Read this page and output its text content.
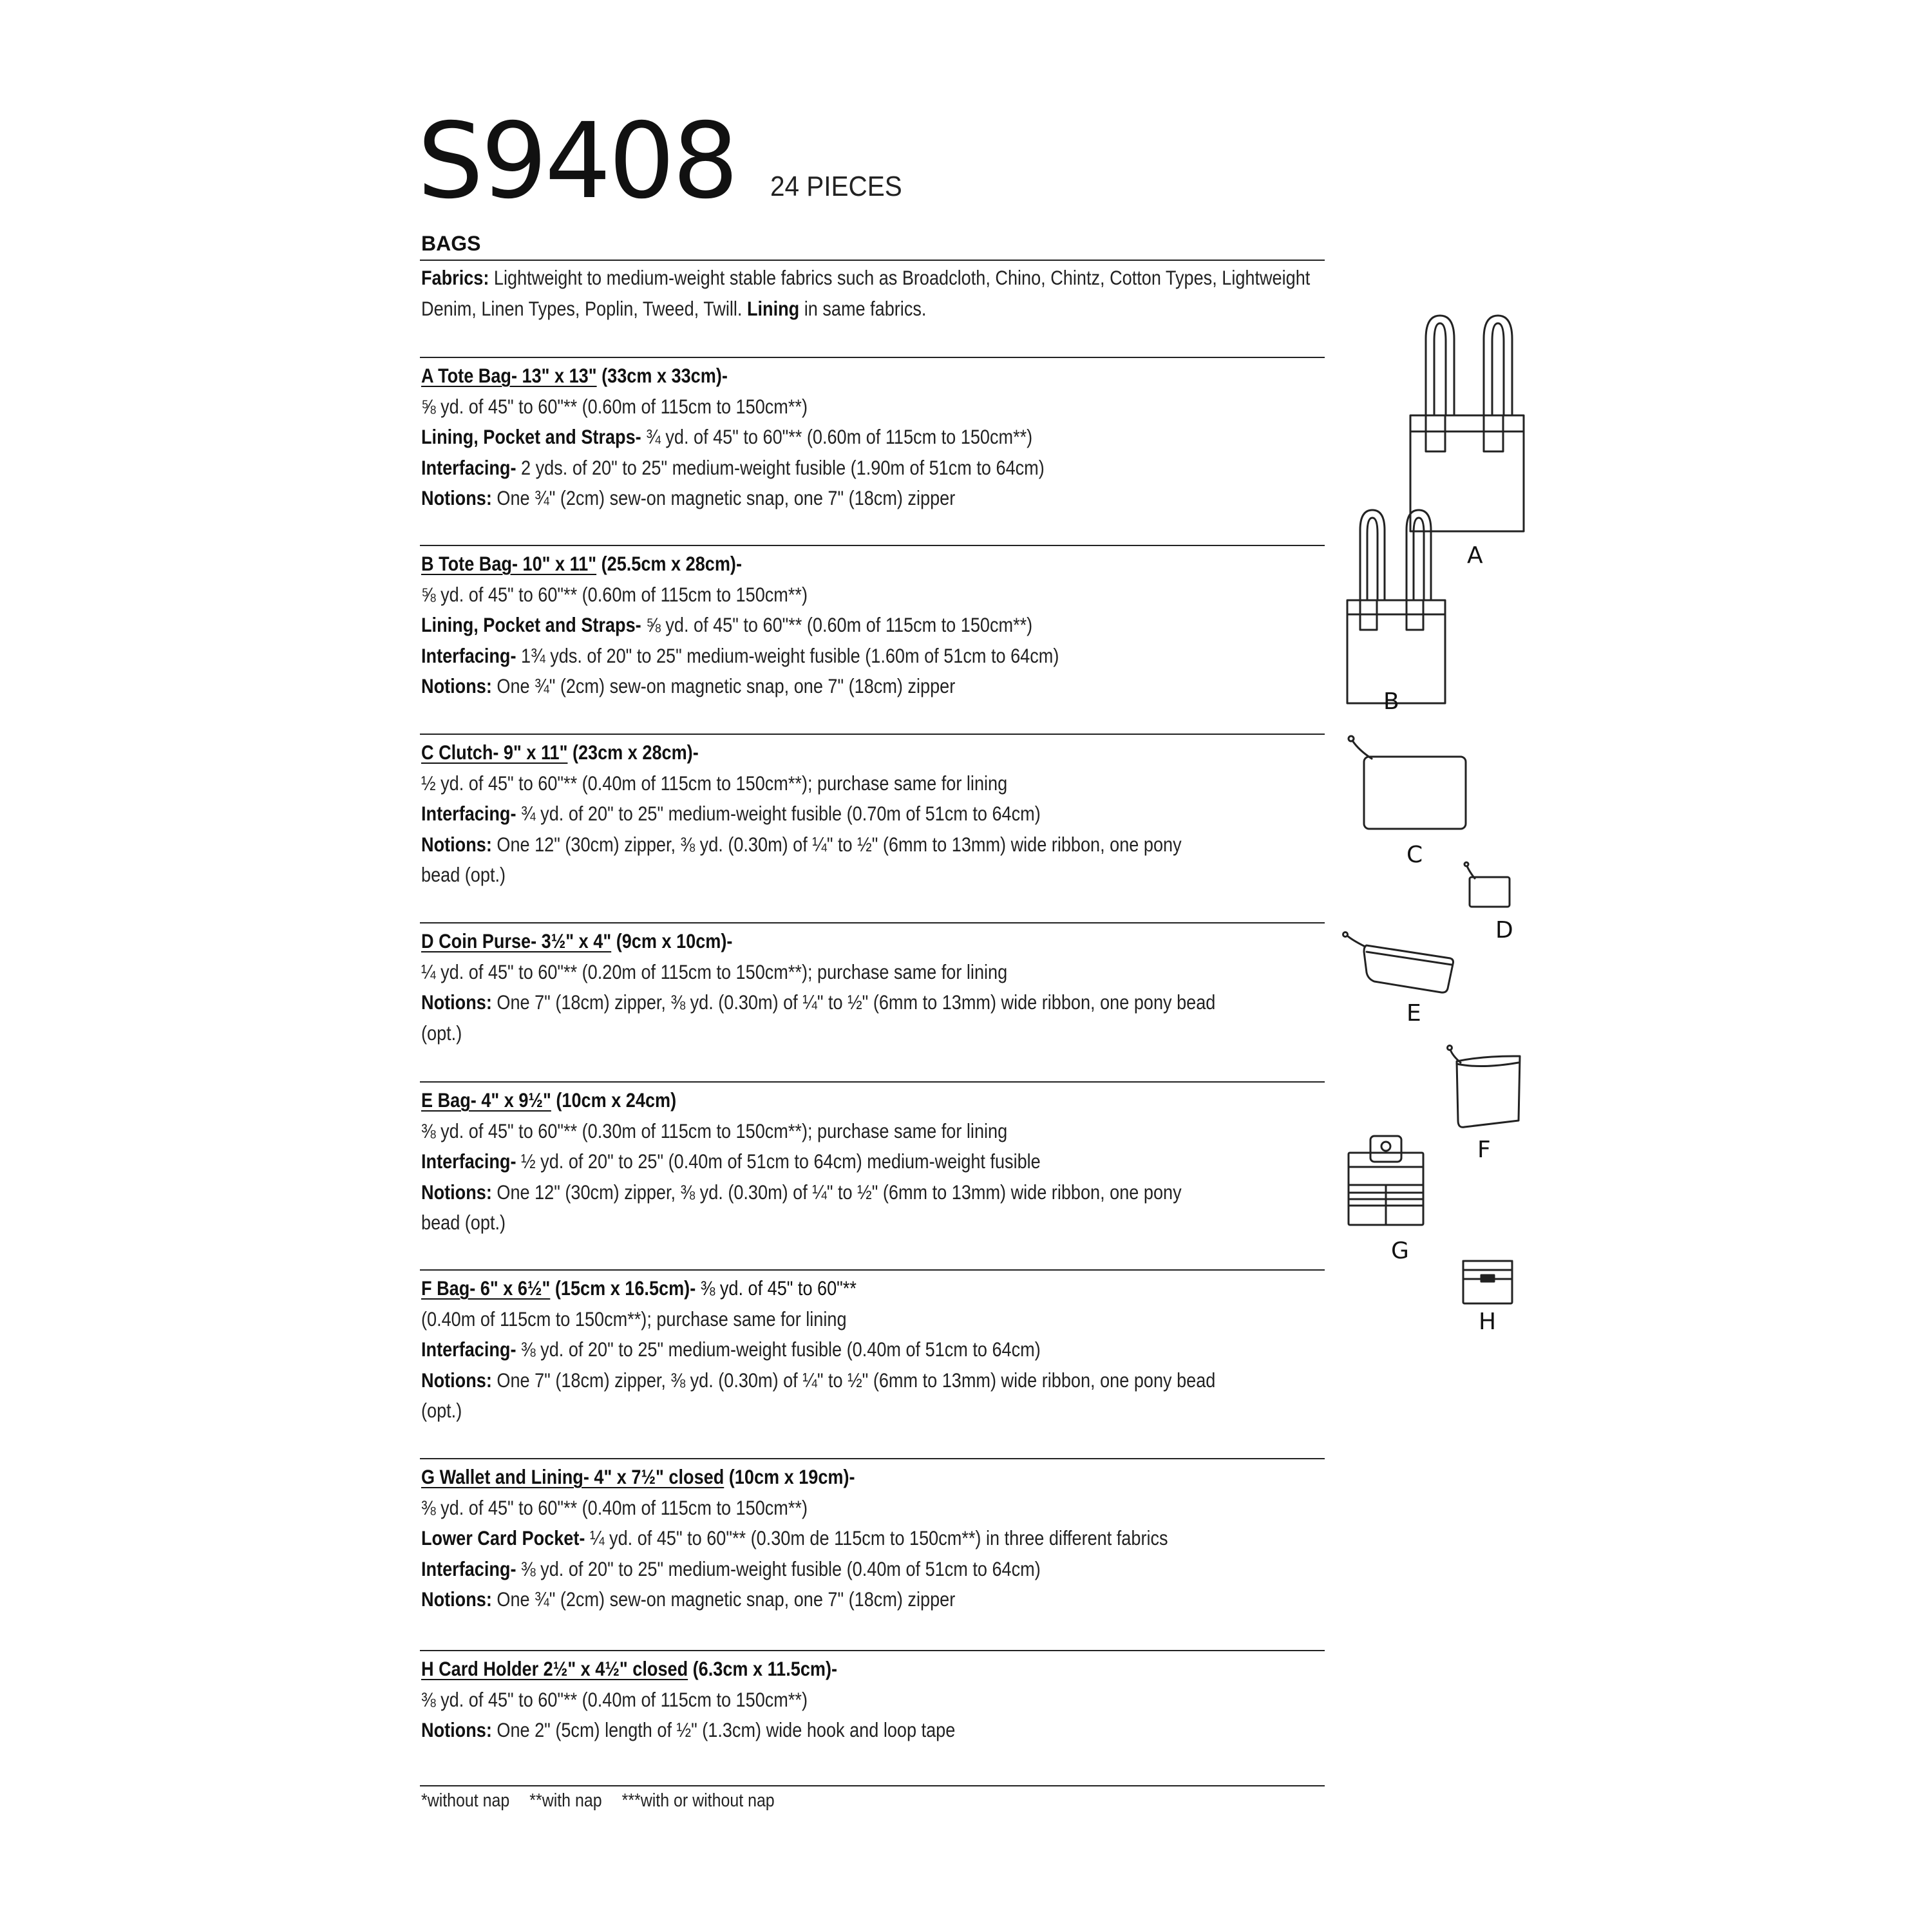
S9408 24 PIECES
BAGS
Fabrics: Lightweight to medium-weight stable fabrics such as Broadcloth, Chino, Chintz, Cotton Types, Lightweight Denim, Linen Types, Poplin, Tweed, Twill. Lining in same fabrics.
A Tote Bag- 13" x 13" (33cm x 33cm)-
⅝ yd. of 45" to 60"** (0.60m of 115cm to 150cm**)
Lining, Pocket and Straps- ¾ yd. of 45" to 60"** (0.60m of 115cm to 150cm**)
Interfacing- 2 yds. of 20" to 25" medium-weight fusible (1.90m of 51cm to 64cm)
Notions: One ¾" (2cm) sew-on magnetic snap, one 7" (18cm) zipper
B Tote Bag- 10" x 11" (25.5cm x 28cm)-
⅝ yd. of 45" to 60"** (0.60m of 115cm to 150cm**)
Lining, Pocket and Straps- ⅝ yd. of 45" to 60"** (0.60m of 115cm to 150cm**)
Interfacing- 1¾ yds. of 20" to 25" medium-weight fusible (1.60m of 51cm to 64cm)
Notions: One ¾" (2cm) sew-on magnetic snap, one 7" (18cm) zipper
C Clutch- 9" x 11" (23cm x 28cm)-
½ yd. of 45" to 60"** (0.40m of 115cm to 150cm**); purchase same for lining
Interfacing- ¾ yd. of 20" to 25" medium-weight fusible (0.70m of 51cm to 64cm)
Notions: One 12" (30cm) zipper, ⅜ yd. (0.30m) of ¼" to ½" (6mm to 13mm) wide ribbon, one pony
bead (opt.)
D Coin Purse- 3½" x 4" (9cm x 10cm)-
¼ yd. of 45" to 60"** (0.20m of 115cm to 150cm**); purchase same for lining
Notions: One 7" (18cm) zipper, ⅜ yd. (0.30m) of ¼" to ½" (6mm to 13mm) wide ribbon, one pony bead
(opt.)
E Bag- 4" x 9½" (10cm x 24cm)
⅜ yd. of 45" to 60"** (0.30m of 115cm to 150cm**); purchase same for lining
Interfacing- ½ yd. of 20" to 25" (0.40m of 51cm to 64cm) medium-weight fusible
Notions: One 12" (30cm) zipper, ⅜ yd. (0.30m) of ¼" to ½" (6mm to 13mm) wide ribbon, one pony
bead (opt.)
F Bag- 6" x 6½" (15cm x 16.5cm)- ⅜ yd. of 45" to 60"**
(0.40m of 115cm to 150cm**); purchase same for lining
Interfacing- ⅜ yd. of 20" to 25" medium-weight fusible (0.40m of 51cm to 64cm)
Notions: One 7" (18cm) zipper, ⅜ yd. (0.30m) of ¼" to ½" (6mm to 13mm) wide ribbon, one pony bead
(opt.)
G Wallet and Lining- 4" x 7½" closed (10cm x 19cm)-
⅜ yd. of 45" to 60"** (0.40m of 115cm to 150cm**)
Lower Card Pocket- ¼ yd. of 45" to 60"** (0.30m de 115cm to 150cm**) in three different fabrics
Interfacing- ⅜ yd. of 20" to 25" medium-weight fusible (0.40m of 51cm to 64cm)
Notions: One ¾" (2cm) sew-on magnetic snap, one 7" (18cm) zipper
H Card Holder 2½" x 4½" closed (6.3cm x 11.5cm)-
⅜ yd. of 45" to 60"** (0.40m of 115cm to 150cm**)
Notions: One 2" (5cm) length of ½" (1.3cm) wide hook and loop tape
*without nap **with nap ***with or without nap
A
B
C
D
E
F
G
H
